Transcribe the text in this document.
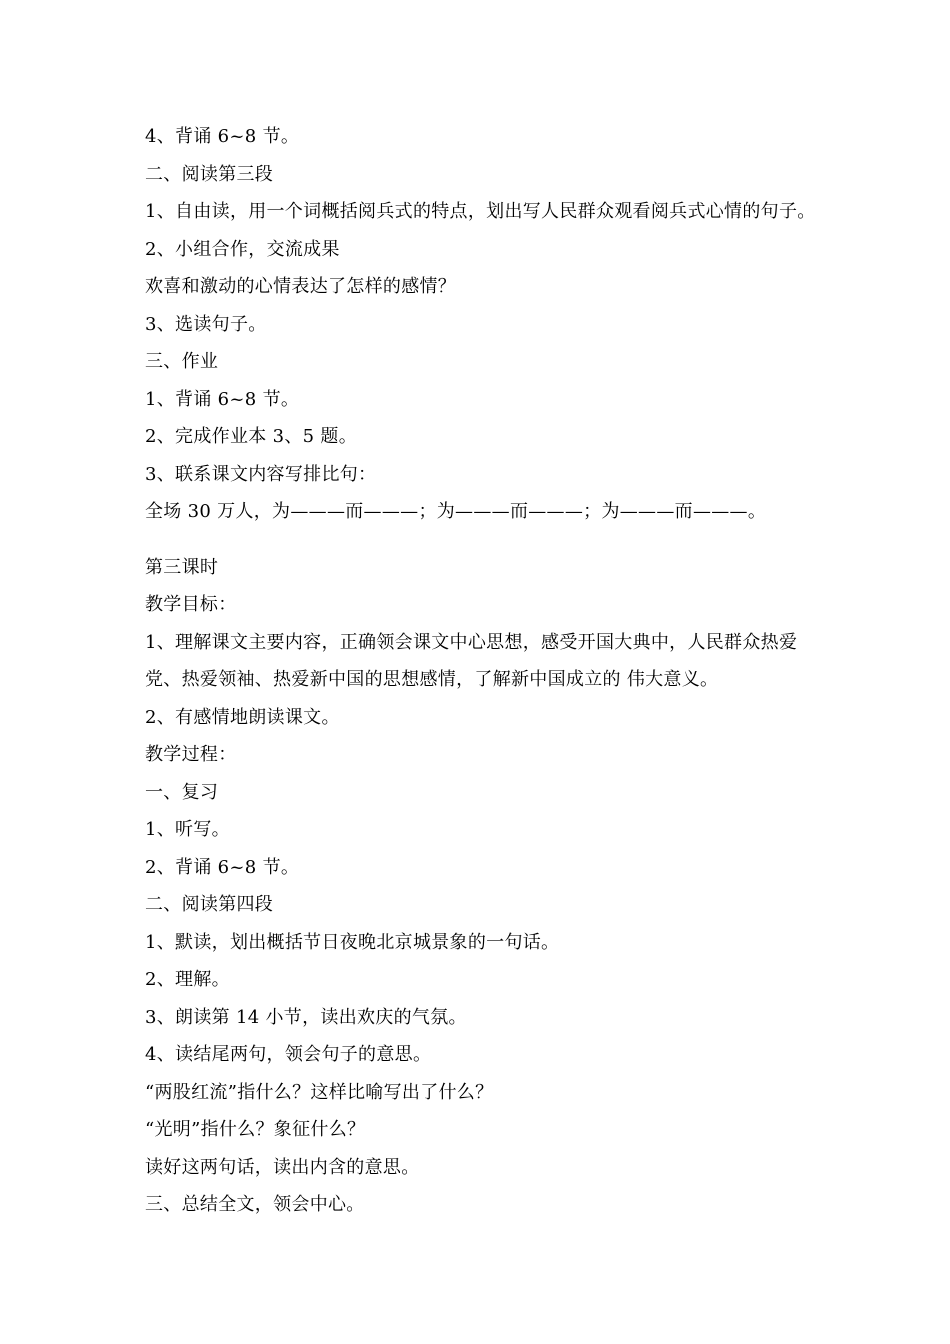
4、背诵 6~8 节。
二、阅读第三段
1、自由读，用一个词概括阅兵式的特点，划出写人民群众观看阅兵式心情的句子。
2、小组合作，交流成果
欢喜和激动的心情表达了怎样的感情？
3、选读句子。
三、作业
1、背诵 6~8 节。
2、完成作业本 3、5 题。
3、联系课文内容写排比句：
全场 30 万人，为———而———；为———而———；为———而———。
第三课时
教学目标：
1、理解课文主要内容，正确领会课文中心思想，感受开国大典中，人民群众热爱
党、热爱领袖、热爱新中国的思想感情，了解新中国成立的 伟大意义。
2、有感情地朗读课文。
教学过程：
一、复习
1、听写。
2、背诵 6~8 节。
二、阅读第四段
1、默读，划出概括节日夜晚北京城景象的一句话。
2、理解。
3、朗读第 14 小节，读出欢庆的气氛。
4、读结尾两句，领会句子的意思。
“两股红流”指什么？这样比喻写出了什么？
“光明”指什么？象征什么？
读好这两句话，读出内含的意思。
三、总结全文，领会中心。
